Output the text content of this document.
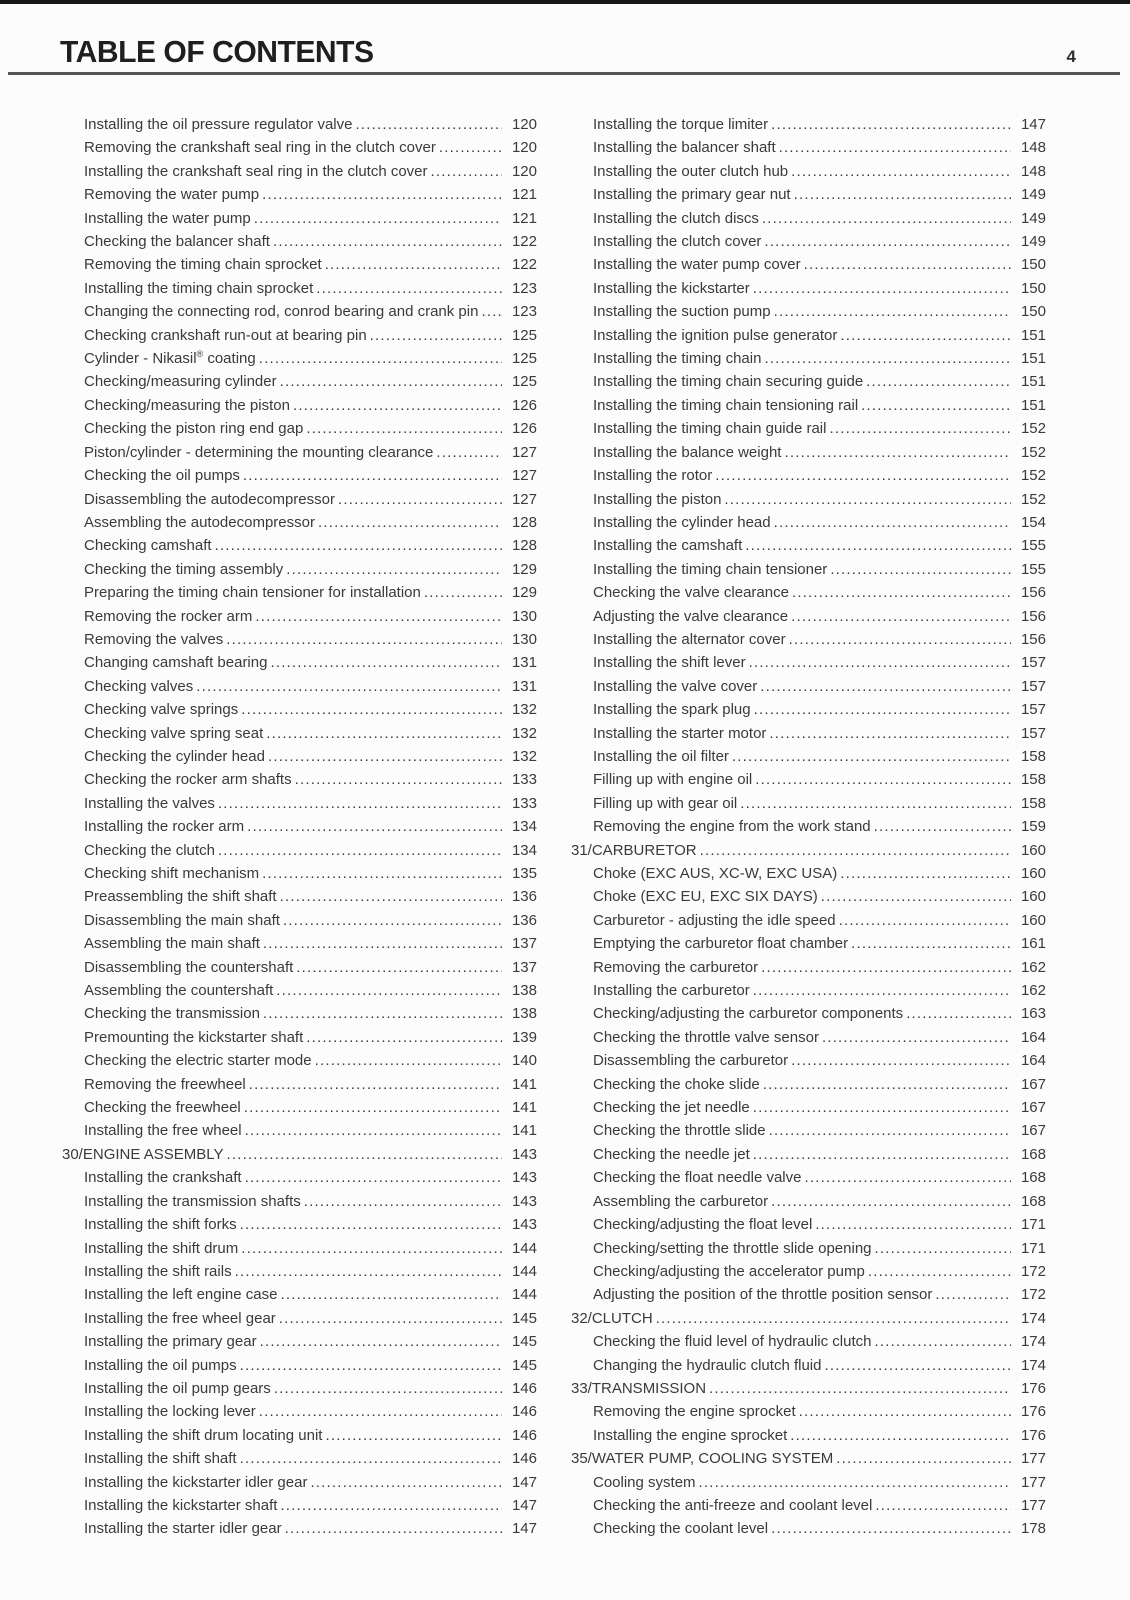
TABLE OF CONTENTS	4
Installing the oil pressure regulator valve .....	120
Removing the crankshaft seal ring in the clutch cover .....	120
Installing the crankshaft seal ring in the clutch cover .....	120
Removing the water pump .....	121
Installing the water pump .....	121
Checking the balancer shaft .....	122
Removing the timing chain sprocket .....	122
Installing the timing chain sprocket .....	123
Changing the connecting rod, conrod bearing and crank pin .....	123
Checking crankshaft run-out at bearing pin .....	125
Cylinder - Nikasil® coating .....	125
Checking/measuring cylinder .....	125
Checking/measuring the piston .....	126
Checking the piston ring end gap .....	126
Piston/cylinder - determining the mounting clearance .....	127
Checking the oil pumps .....	127
Disassembling the autodecompressor .....	127
Assembling the autodecompressor .....	128
Checking camshaft .....	128
Checking the timing assembly .....	129
Preparing the timing chain tensioner for installation .....	129
Removing the rocker arm .....	130
Removing the valves .....	130
Changing camshaft bearing .....	131
Checking valves .....	131
Checking valve springs .....	132
Checking valve spring seat .....	132
Checking the cylinder head .....	132
Checking the rocker arm shafts .....	133
Installing the valves .....	133
Installing the rocker arm .....	134
Checking the clutch .....	134
Checking shift mechanism .....	135
Preassembling the shift shaft .....	136
Disassembling the main shaft .....	136
Assembling the main shaft .....	137
Disassembling the countershaft .....	137
Assembling the countershaft .....	138
Checking the transmission .....	138
Premounting the kickstarter shaft .....	139
Checking the electric starter mode .....	140
Removing the freewheel .....	141
Checking the freewheel .....	141
Installing the free wheel .....	141
30/ENGINE ASSEMBLY .....	143
Installing the crankshaft .....	143
Installing the transmission shafts .....	143
Installing the shift forks .....	143
Installing the shift drum .....	144
Installing the shift rails .....	144
Installing the left engine case .....	144
Installing the free wheel gear .....	145
Installing the primary gear .....	145
Installing the oil pumps .....	145
Installing the oil pump gears .....	146
Installing the locking lever .....	146
Installing the shift drum locating unit .....	146
Installing the shift shaft .....	146
Installing the kickstarter idler gear .....	147
Installing the kickstarter shaft .....	147
Installing the starter idler gear .....	147
Installing the torque limiter .....	147
Installing the balancer shaft .....	148
Installing the outer clutch hub .....	148
Installing the primary gear nut .....	149
Installing the clutch discs .....	149
Installing the clutch cover .....	149
Installing the water pump cover .....	150
Installing the kickstarter .....	150
Installing the suction pump .....	150
Installing the ignition pulse generator .....	151
Installing the timing chain .....	151
Installing the timing chain securing guide .....	151
Installing the timing chain tensioning rail .....	151
Installing the timing chain guide rail .....	152
Installing the balance weight .....	152
Installing the rotor .....	152
Installing the piston .....	152
Installing the cylinder head .....	154
Installing the camshaft .....	155
Installing the timing chain tensioner .....	155
Checking the valve clearance .....	156
Adjusting the valve clearance .....	156
Installing the alternator cover .....	156
Installing the shift lever .....	157
Installing the valve cover .....	157
Installing the spark plug .....	157
Installing the starter motor .....	157
Installing the oil filter .....	158
Filling up with engine oil .....	158
Filling up with gear oil .....	158
Removing the engine from the work stand .....	159
31/CARBURETOR .....	160
Choke (EXC AUS, XC-W, EXC USA) .....	160
Choke (EXC EU, EXC SIX DAYS) .....	160
Carburetor - adjusting the idle speed .....	160
Emptying the carburetor float chamber .....	161
Removing the carburetor .....	162
Installing the carburetor .....	162
Checking/adjusting the carburetor components .....	163
Checking the throttle valve sensor .....	164
Disassembling the carburetor .....	164
Checking the choke slide .....	167
Checking the jet needle .....	167
Checking the throttle slide .....	167
Checking the needle jet .....	168
Checking the float needle valve .....	168
Assembling the carburetor .....	168
Checking/adjusting the float level .....	171
Checking/setting the throttle slide opening .....	171
Checking/adjusting the accelerator pump .....	172
Adjusting the position of the throttle position sensor .....	172
32/CLUTCH .....	174
Checking the fluid level of hydraulic clutch .....	174
Changing the hydraulic clutch fluid .....	174
33/TRANSMISSION .....	176
Removing the engine sprocket .....	176
Installing the engine sprocket .....	176
35/WATER PUMP, COOLING SYSTEM .....	177
Cooling system .....	177
Checking the anti-freeze and coolant level .....	177
Checking the coolant level .....	178
